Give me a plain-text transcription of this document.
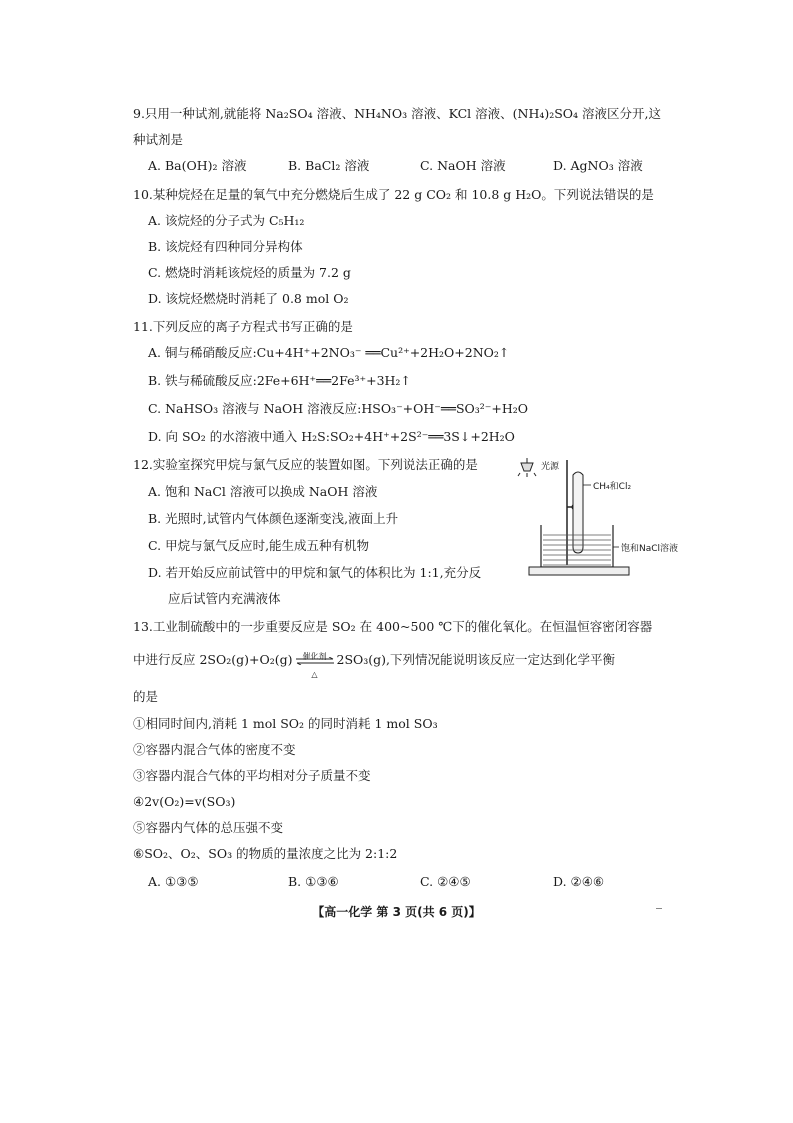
9.只用一种试剂,就能将 Na₂SO₄ 溶液、NH₄NO₃ 溶液、KCl 溶液、(NH₄)₂SO₄ 溶液区分开,这
种试剂是
A. Ba(OH)₂ 溶液	B. BaCl₂ 溶液	C. NaOH 溶液	D. AgNO₃ 溶液
10.某种烷烃在足量的氧气中充分燃烧后生成了 22 g CO₂ 和 10.8 g H₂O。下列说法错误的是
A. 该烷烃的分子式为 C₅H₁₂
B. 该烷烃有四种同分异构体
C. 燃烧时消耗该烷烃的质量为 7.2 g
D. 该烷烃燃烧时消耗了 0.8 mol O₂
11.下列反应的离子方程式书写正确的是
A. 铜与稀硝酸反应:Cu+4H⁺+2NO₃⁻ ══Cu²⁺+2H₂O+2NO₂↑
B. 铁与稀硫酸反应:2Fe+6H⁺══2Fe³⁺+3H₂↑
C. NaHSO₃ 溶液与 NaOH 溶液反应:HSO₃⁻+OH⁻══SO₃²⁻+H₂O
D. 向 SO₂ 的水溶液中通入 H₂S:SO₂+4H⁺+2S²⁻══3S↓+2H₂O
12.实验室探究甲烷与氯气反应的装置如图。下列说法正确的是
A. 饱和 NaCl 溶液可以换成 NaOH 溶液
B. 光照时,试管内气体颜色逐渐变浅,液面上升
C. 甲烷与氯气反应时,能生成五种有机物
D. 若开始反应前试管中的甲烷和氯气的体积比为 1:1,充分反
应后试管内充满液体
光源
CH₄和Cl₂
饱和NaCl溶液
13.工业制硫酸中的一步重要反应是 SO₂ 在 400~500 ℃下的催化氧化。在恒温恒容密闭容器
中进行反应 2SO₂(g)+O₂(g)	催化剂
△
2SO₃(g),下列情况能说明该反应一定达到化学平衡
的是
①相同时间内,消耗 1 mol SO₂ 的同时消耗 1 mol SO₃
②容器内混合气体的密度不变
③容器内混合气体的平均相对分子质量不变
④2v(O₂)=v(SO₃)
⑤容器内气体的总压强不变
⑥SO₂、O₂、SO₃ 的物质的量浓度之比为 2:1:2
A. ①③⑤	B. ①③⑥	C. ②④⑤	D. ②④⑥
【高一化学 第 3 页(共 6 页)】
